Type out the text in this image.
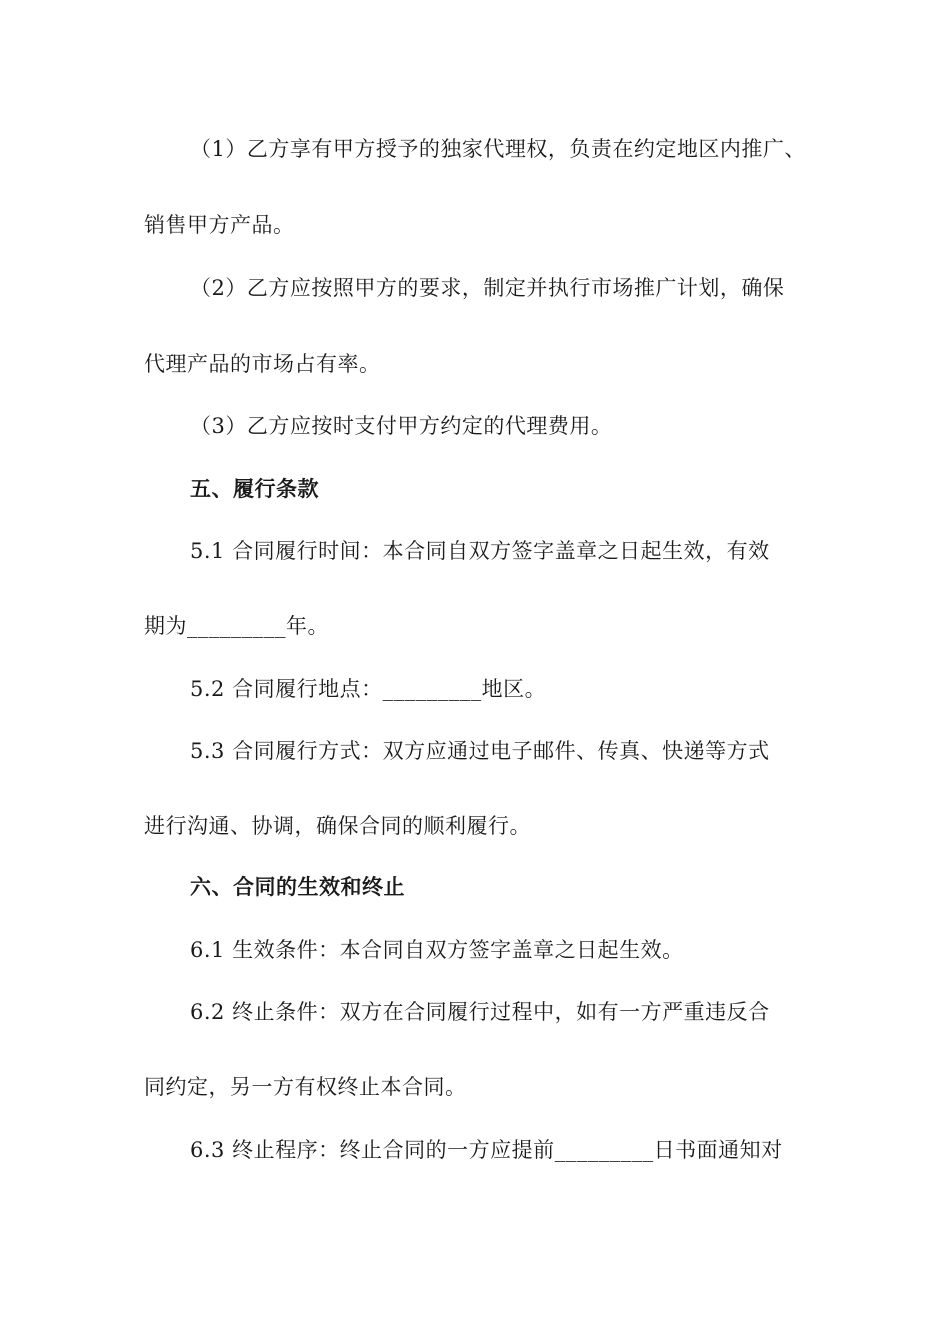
（1）乙方享有甲方授予的独家代理权，负责在约定地区内推广、
销售甲方产品。
（2）乙方应按照甲方的要求，制定并执行市场推广计划，确保
代理产品的市场占有率。
（3）乙方应按时支付甲方约定的代理费用。
五、履行条款
5.1 合同履行时间：本合同自双方签字盖章之日起生效，有效
期为_________年。
5.2 合同履行地点：_________地区。
5.3 合同履行方式：双方应通过电子邮件、传真、快递等方式
进行沟通、协调，确保合同的顺利履行。
六、合同的生效和终止
6.1 生效条件：本合同自双方签字盖章之日起生效。
6.2 终止条件：双方在合同履行过程中，如有一方严重违反合
同约定，另一方有权终止本合同。
6.3 终止程序：终止合同的一方应提前_________日书面通知对
